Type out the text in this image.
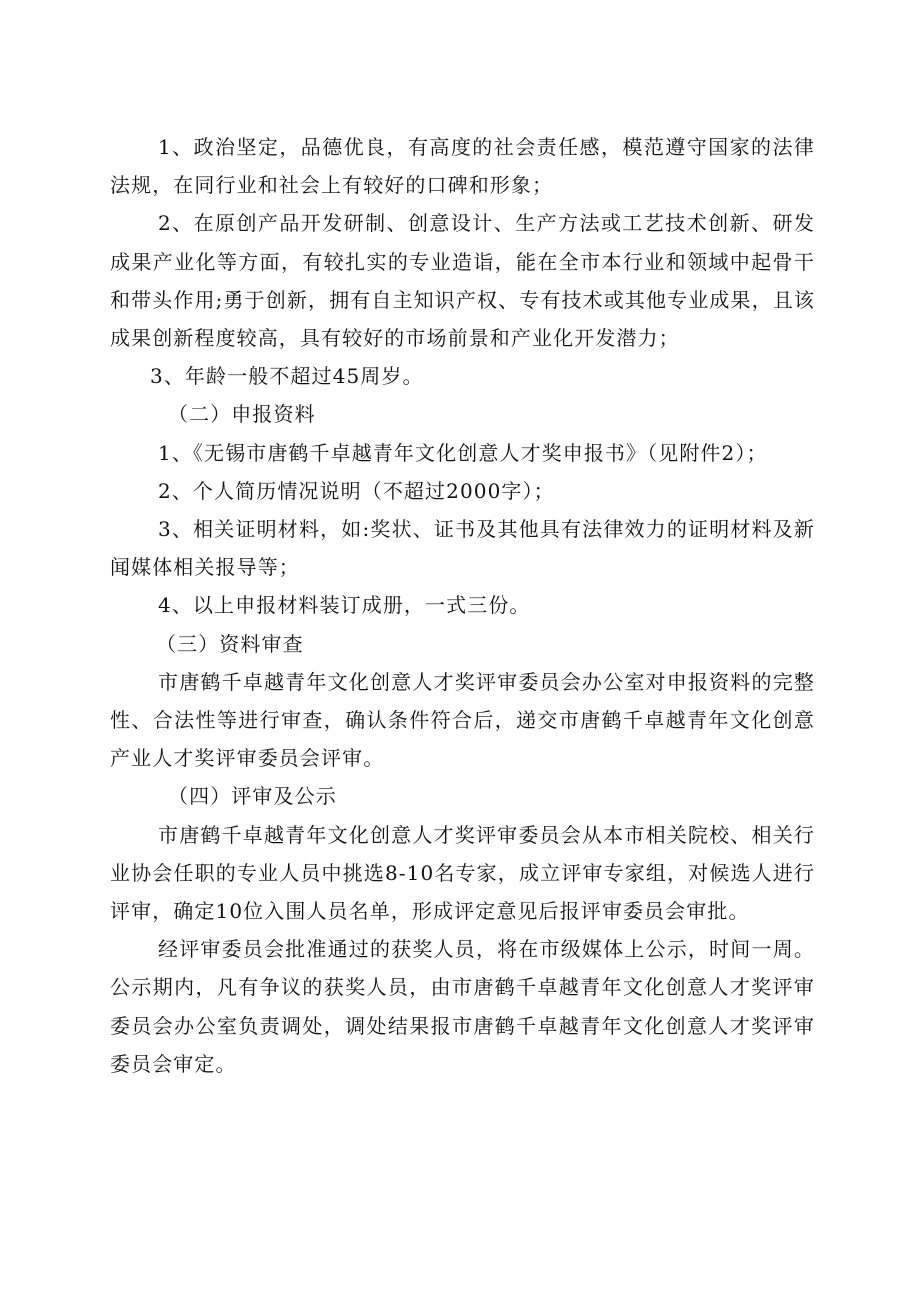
1、政治坚定，品德优良，有高度的社会责任感，模范遵守国家的法律法规，在同行业和社会上有较好的口碑和形象；

2、在原创产品开发研制、创意设计、生产方法或工艺技术创新、研发成果产业化等方面，有较扎实的专业造诣，能在全市本行业和领域中起骨干和带头作用;勇于创新，拥有自主知识产权、专有技术或其他专业成果，且该成果创新程度较高，具有较好的市场前景和产业化开发潜力；

3、年龄一般不超过45周岁。

（二）申报资料

1、《无锡市唐鹤千卓越青年文化创意人才奖申报书》（见附件2）；

2、个人简历情况说明（不超过2000字）；

3、相关证明材料，如:奖状、证书及其他具有法律效力的证明材料及新闻媒体相关报导等；

4、以上申报材料装订成册，一式三份。

（三）资料审查

市唐鹤千卓越青年文化创意人才奖评审委员会办公室对申报资料的完整性、合法性等进行审查，确认条件符合后，递交市唐鹤千卓越青年文化创意产业人才奖评审委员会评审。

（四）评审及公示

市唐鹤千卓越青年文化创意人才奖评审委员会从本市相关院校、相关行业协会任职的专业人员中挑选8-10名专家，成立评审专家组，对候选人进行评审，确定10位入围人员名单，形成评定意见后报评审委员会审批。

经评审委员会批准通过的获奖人员，将在市级媒体上公示，时间一周。公示期内，凡有争议的获奖人员，由市唐鹤千卓越青年文化创意人才奖评审委员会办公室负责调处，调处结果报市唐鹤千卓越青年文化创意人才奖评审委员会审定。
